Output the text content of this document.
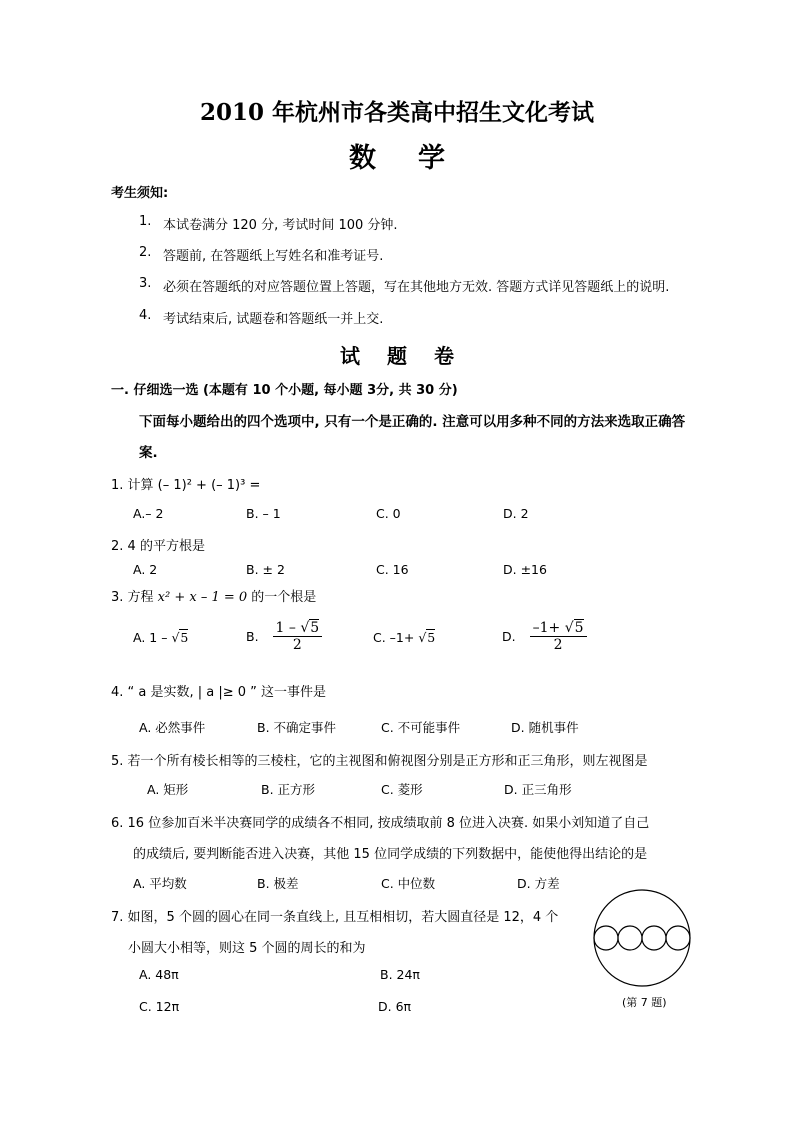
2010 年杭州市各类高中招生文化考试
数学
考生须知:
1. 本试卷满分 120 分, 考试时间 100 分钟.
2. 答题前, 在答题纸上写姓名和准考证号.
3. 必须在答题纸的对应答题位置上答题，写在其他地方无效. 答题方式详见答题纸上的说明.
4. 考试结束后, 试题卷和答题纸一并上交.
试 题 卷
一. 仔细选一选 (本题有 10 个小题, 每小题 3分, 共 30 分)
下面每小题给出的四个选项中, 只有一个是正确的. 注意可以用多种不同的方法来选取正确答
案.
1. 计算 (– 1)² + (– 1)³ =
A.– 2	B. – 1	C. 0	D. 2
2. 4 的平方根是
A. 2	B. ± 2	C. 16	D. ±16
3. 方程 x² + x – 1 = 0 的一个根是
A. 1 – √5	B. $\frac{1 - √5}{2}$	C. –1+ √5	D. $\frac{-1+ √5}{2}$
4. “ a 是实数, | a |≥ 0 ” 这一事件是
A. 必然事件	B. 不确定事件	C. 不可能事件	D. 随机事件
5. 若一个所有棱长相等的三棱柱，它的主视图和俯视图分别是正方形和正三角形，则左视图是
A. 矩形	B. 正方形	C. 菱形	D. 正三角形
6. 16 位参加百米半决赛同学的成绩各不相同, 按成绩取前 8 位进入决赛. 如果小刘知道了自己
的成绩后, 要判断能否进入决赛，其他 15 位同学成绩的下列数据中，能使他得出结论的是
A. 平均数	B. 极差	C. 中位数	D. 方差
7. 如图，5 个圆的圆心在同一条直线上, 且互相相切，若大圆直径是 12，4 个
小圆大小相等，则这 5 个圆的周长的和为
A. 48π	B. 24π
C. 12π	D. 6π	(第 7 题)
